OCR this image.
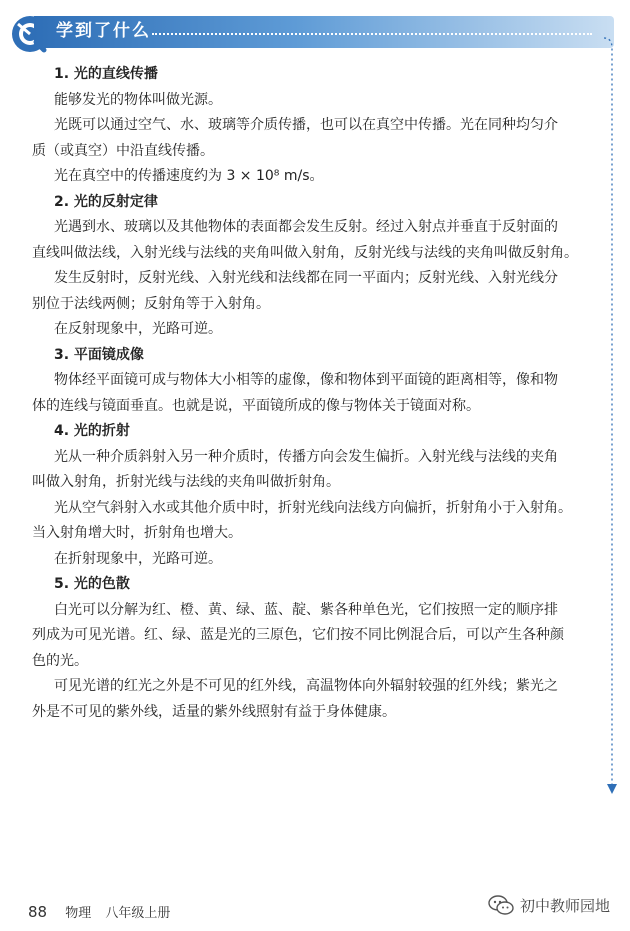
学到了什么

1. 光的直线传播

能够发光的物体叫做光源。

光既可以通过空气、水、玻璃等介质传播，也可以在真空中传播。光在同种均匀介

质（或真空）中沿直线传播。

光在真空中的传播速度约为 3 × 10⁸ m/s。

2. 光的反射定律

光遇到水、玻璃以及其他物体的表面都会发生反射。经过入射点并垂直于反射面的

直线叫做法线，入射光线与法线的夹角叫做入射角，反射光线与法线的夹角叫做反射角。

发生反射时，反射光线、入射光线和法线都在同一平面内；反射光线、入射光线分

别位于法线两侧；反射角等于入射角。

在反射现象中，光路可逆。

3. 平面镜成像

物体经平面镜可成与物体大小相等的虚像，像和物体到平面镜的距离相等，像和物

体的连线与镜面垂直。也就是说，平面镜所成的像与物体关于镜面对称。

4. 光的折射

光从一种介质斜射入另一种介质时，传播方向会发生偏折。入射光线与法线的夹角

叫做入射角，折射光线与法线的夹角叫做折射角。

光从空气斜射入水或其他介质中时，折射光线向法线方向偏折，折射角小于入射角。

当入射角增大时，折射角也增大。

在折射现象中，光路可逆。

5. 光的色散

白光可以分解为红、橙、黄、绿、蓝、靛、紫各种单色光，它们按照一定的顺序排

列成为可见光谱。红、绿、蓝是光的三原色，它们按不同比例混合后，可以产生各种颜

色的光。

可见光谱的红光之外是不可见的红外线，高温物体向外辐射较强的红外线；紫光之

外是不可见的紫外线，适量的紫外线照射有益于身体健康。

88 物理 八年级上册	初中教师园地
